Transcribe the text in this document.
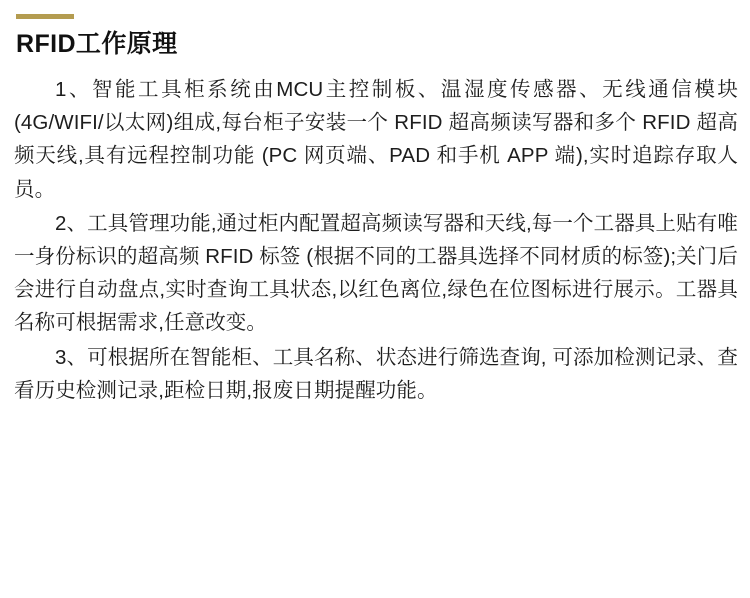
RFID工作原理

1、智能工具柜系统由MCU主控制板、温湿度传感器、无线通信模块(4G/WIFI/以太网)组成,每台柜子安装一个 RFID 超高频读写器和多个 RFID 超高频天线,具有远程控制功能 (PC 网页端、PAD 和手机 APP 端),实时追踪存取人员。

2、工具管理功能,通过柜内配置超高频读写器和天线,每一个工器具上贴有唯一身份标识的超高频 RFID 标签 (根据不同的工器具选择不同材质的标签);关门后会进行自动盘点,实时查询工具状态,以红色离位,绿色在位图标进行展示。工器具名称可根据需求,任意改变。

3、可根据所在智能柜、工具名称、状态进行筛选查询, 可添加检测记录、查看历史检测记录,距检日期,报废日期提醒功能。
